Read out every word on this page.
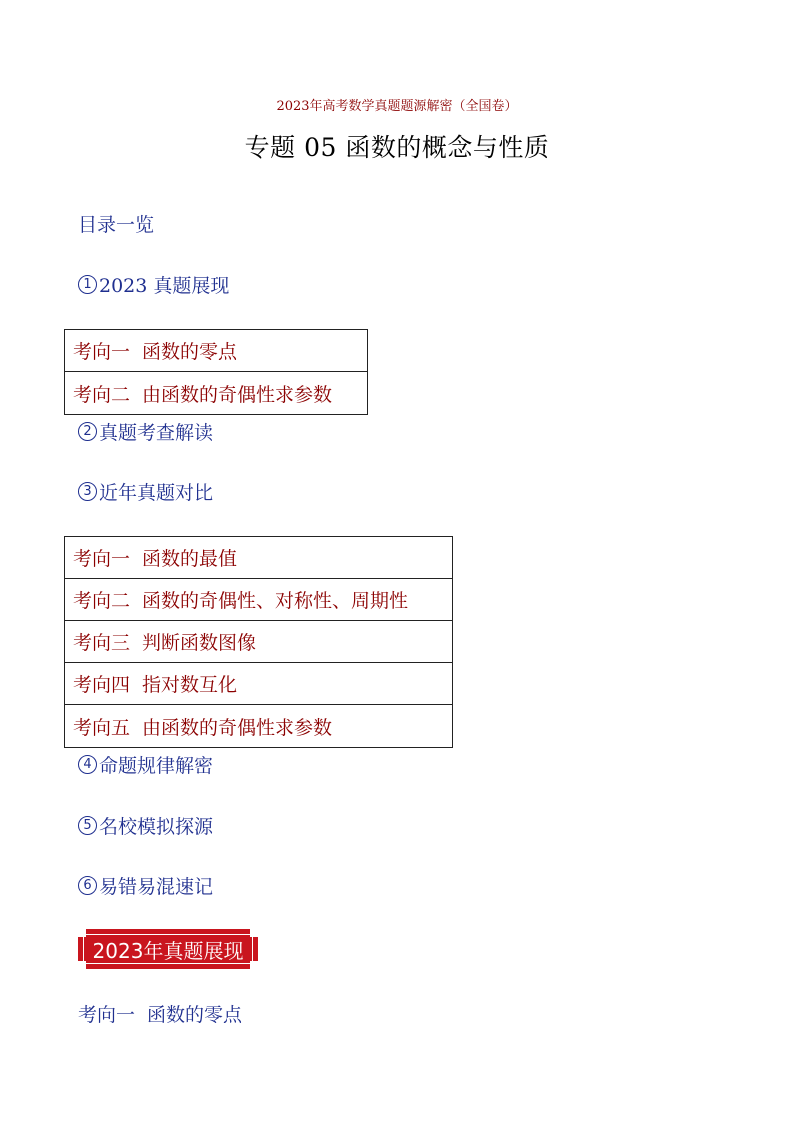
2023年高考数学真题题源解密（全国卷）
专题 05 函数的概念与性质
目录一览
1 2023 真题展现
考向一 函数的零点
考向二 由函数的奇偶性求参数
2 真题考查解读
3 近年真题对比
考向一 函数的最值
考向二 函数的奇偶性、对称性、周期性
考向三 判断函数图像
考向四 指对数互化
考向五 由函数的奇偶性求参数
4 命题规律解密
5 名校模拟探源
6 易错易混速记
2023年真题展现
考向一 函数的零点
